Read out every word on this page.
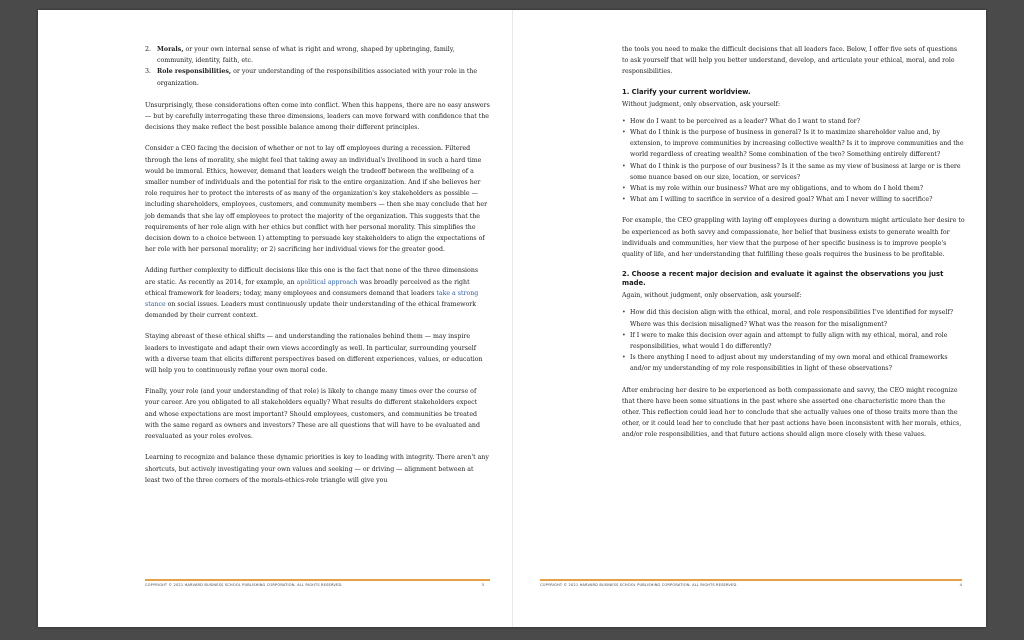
2. Morals, or your own internal sense of what is right and wrong, shaped by upbringing, family, community, identity, faith, etc.
3. Role responsibilities, or your understanding of the responsibilities associated with your role in the organization.

Unsurprisingly, these considerations often come into conflict. When this happens, there are no easy answers — but by carefully interrogating these three dimensions, leaders can move forward with confidence that the decisions they make reflect the best possible balance among their different principles.

Consider a CEO facing the decision of whether or not to lay off employees during a recession. Filtered through the lens of morality, she might feel that taking away an individual's livelihood in such a hard time would be immoral. Ethics, however, demand that leaders weigh the tradeoff between the wellbeing of a smaller number of individuals and the potential for risk to the entire organization. And if she believes her role requires her to protect the interests of as many of the organization's key stakeholders as possible — including shareholders, employees, customers, and community members — then she may conclude that her job demands that she lay off employees to protect the majority of the organization. This suggests that the requirements of her role align with her ethics but conflict with her personal morality. This simplifies the decision down to a choice between 1) attempting to persuade key stakeholders to align the expectations of her role with her personal morality; or 2) sacrificing her individual views for the greater good.

Adding further complexity to difficult decisions like this one is the fact that none of the three dimensions are static. As recently as 2014, for example, an apolitical approach was broadly perceived as the right ethical framework for leaders; today, many employees and consumers demand that leaders take a strong stance on social issues. Leaders must continuously update their understanding of the ethical framework demanded by their current context.

Staying abreast of these ethical shifts — and understanding the rationales behind them — may inspire leaders to investigate and adapt their own views accordingly as well. In particular, surrounding yourself with a diverse team that elicits different perspectives based on different experiences, values, or education will help you to continuously refine your own moral code.

Finally, your role (and your understanding of that role) is likely to change many times over the course of your career. Are you obligated to all stakeholders equally? What results do different stakeholders expect and whose expectations are most important? Should employees, customers, and communities be treated with the same regard as owners and investors? These are all questions that will have to be evaluated and reevaluated as your roles evolves.

Learning to recognize and balance these dynamic priorities is key to leading with integrity. There aren't any shortcuts, but actively investigating your own values and seeking — or driving — alignment between at least two of the three corners of the morals-ethics-role triangle will give you

COPYRIGHT © 2021 HARVARD BUSINESS SCHOOL PUBLISHING CORPORATION. ALL RIGHTS RESERVED.	3

the tools you need to make the difficult decisions that all leaders face. Below, I offer five sets of questions to ask yourself that will help you better understand, develop, and articulate your ethical, moral, and role responsibilities.

1. Clarify your current worldview.

Without judgment, only observation, ask yourself:

• How do I want to be perceived as a leader? What do I want to stand for?
• What do I think is the purpose of business in general? Is it to maximize shareholder value and, by extension, to improve communities by increasing collective wealth? Is it to improve communities and the world regardless of creating wealth? Some combination of the two? Something entirely different?
• What do I think is the purpose of our business? Is it the same as my view of business at large or is there some nuance based on our size, location, or services?
• What is my role within our business? What are my obligations, and to whom do I hold them?
• What am I willing to sacrifice in service of a desired goal? What am I never willing to sacrifice?

For example, the CEO grappling with laying off employees during a downturn might articulate her desire to be experienced as both savvy and compassionate, her belief that business exists to generate wealth for individuals and communities, her view that the purpose of her specific business is to improve people's quality of life, and her understanding that fulfilling these goals requires the business to be profitable.

2. Choose a recent major decision and evaluate it against the observations you just made.

Again, without judgment, only observation, ask yourself:

• How did this decision align with the ethical, moral, and role responsibilities I've identified for myself? Where was this decision misaligned? What was the reason for the misalignment?
• If I were to make this decision over again and attempt to fully align with my ethical, moral, and role responsibilities, what would I do differently?
• Is there anything I need to adjust about my understanding of my own moral and ethical frameworks and/or my understanding of my role responsibilities in light of these observations?

After embracing her desire to be experienced as both compassionate and savvy, the CEO might recognize that there have been some situations in the past where she asserted one characteristic more than the other. This reflection could lead her to conclude that she actually values one of those traits more than the other, or it could lead her to conclude that her past actions have been inconsistent with her morals, ethics, and/or role responsibilities, and that future actions should align more closely with these values.

COPYRIGHT © 2021 HARVARD BUSINESS SCHOOL PUBLISHING CORPORATION. ALL RIGHTS RESERVED.	4
